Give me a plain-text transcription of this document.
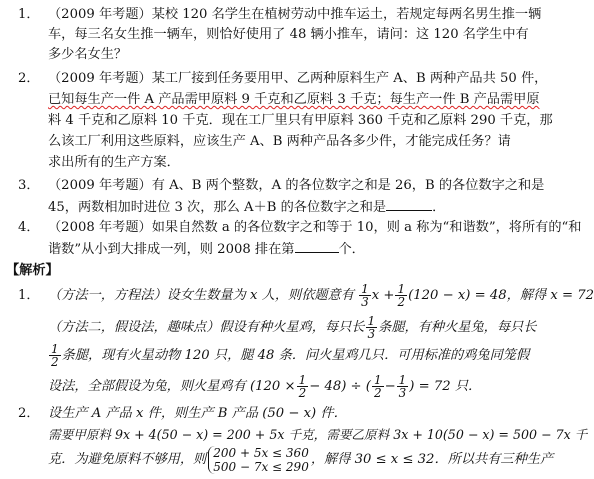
1． （2009 年考题）某校 120 名学生在植树劳动中推车运土，若规定每两名男生推一辆
车，每三名女生推一辆车，则恰好使用了 48 辆小推车，请问：这 120 名学生中有
多少名女生？
2． （2009 年考题）某工厂接到任务要用甲、乙两种原料生产 A、B 两种产品共 50 件，
已知每生产一件 A 产品需甲原料 9 千克和乙原料 3 千克；每生产一件 B 产品需甲原
料 4 千克和乙原料 10 千克．现在工厂里只有甲原料 360 千克和乙原料 290 千克，那
么该工厂利用这些原料，应该生产 A、B 两种产品各多少件，才能完成任务？请
求出所有的生产方案．
3． （2009 年考题）有 A、B 两个整数，A 的各位数字之和是 26，B 的各位数字之和是
45，两数相加时进位 3 次，那么 A＋B 的各位数字之和是	．
4． （2008 年考题）如果自然数 a 的各位数字之和等于 10，则 a 称为“和谐数”，将所有的“和
谐数”从小到大排成一列，则 2008 排在第	个．
【解析】
1． （方法一，方程法）设女生数量为 x 人，则依题意有 $\frac{1}{3}$ $x + \frac{1}{2} (120 - x) = 48$，解得 x = 72
（方法二，假设法，趣味点）假设有种火星鸡，每只长 $\frac{1}{3}$ 条腿，有种火星兔，每只长
$\frac{1}{2}$ 条腿，现有火星动物 120 只，腿 48 条．问火星鸡几只．可用标准的鸡兔同笼假
设法，全部假设为兔，则火星鸡有 $(120 \times \frac{1}{2} - 48)$ ÷ ( $\frac{1}{2} - \frac{1}{3}$ ) = 72 只．
2． 设生产 A 产品 x 件，则生产 B 产品 (50 − x) 件．
需要甲原料 9x + 4(50 − x) = 200 + 5x 千克，需要乙原料 3x + 10(50 − x) = 500 − 7x 千
克．为避免原料不够用，则 200 + 5x ≤ 360
500 − 7x ≤ 290 ，解得 30 ≤ x ≤ 32．所以共有三种生产
